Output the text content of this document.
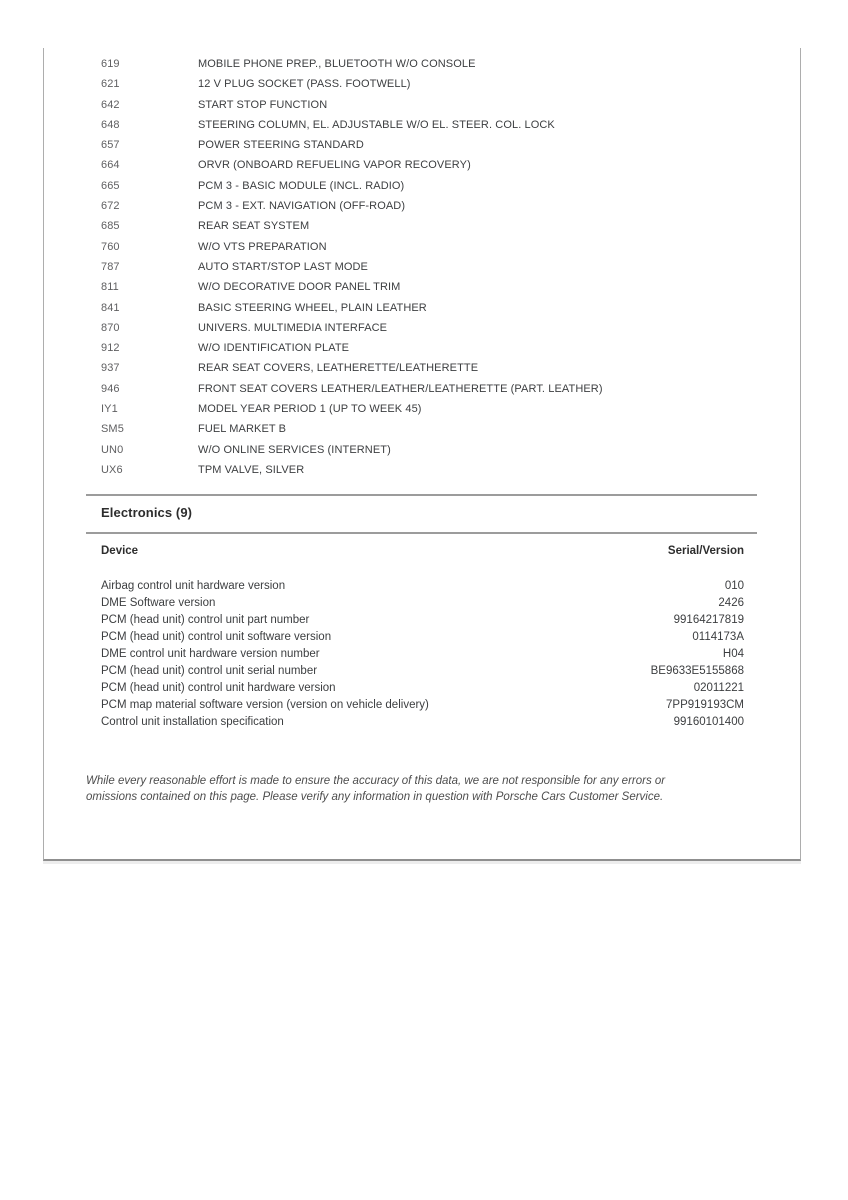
619	MOBILE PHONE PREP., BLUETOOTH W/O CONSOLE
621	12 V PLUG SOCKET (PASS. FOOTWELL)
642	START STOP FUNCTION
648	STEERING COLUMN, EL. ADJUSTABLE W/O EL. STEER. COL. LOCK
657	POWER STEERING STANDARD
664	ORVR (ONBOARD REFUELING VAPOR RECOVERY)
665	PCM 3 - BASIC MODULE (INCL. RADIO)
672	PCM 3 - EXT. NAVIGATION (OFF-ROAD)
685	REAR SEAT SYSTEM
760	W/O VTS PREPARATION
787	AUTO START/STOP LAST MODE
811	W/O DECORATIVE DOOR PANEL TRIM
841	BASIC STEERING WHEEL, PLAIN LEATHER
870	UNIVERS. MULTIMEDIA INTERFACE
912	W/O IDENTIFICATION PLATE
937	REAR SEAT COVERS, LEATHERETTE/LEATHERETTE
946	FRONT SEAT COVERS LEATHER/LEATHER/LEATHERETTE (PART. LEATHER)
IY1	MODEL YEAR PERIOD 1 (UP TO WEEK 45)
SM5	FUEL MARKET B
UN0	W/O ONLINE SERVICES (INTERNET)
UX6	TPM VALVE, SILVER
Electronics (9)
Device	Serial/Version
Airbag control unit hardware version	010
DME Software version	2426
PCM (head unit) control unit part number	99164217819
PCM (head unit) control unit software version	0114173A
DME control unit hardware version number	H04
PCM (head unit) control unit serial number	BE9633E5155868
PCM (head unit) control unit hardware version	02011221
PCM map material software version (version on vehicle delivery)	7PP919193CM
Control unit installation specification	99160101400

While every reasonable effort is made to ensure the accuracy of this data, we are not responsible for any errors or
omissions contained on this page. Please verify any information in question with Porsche Cars Customer Service.
